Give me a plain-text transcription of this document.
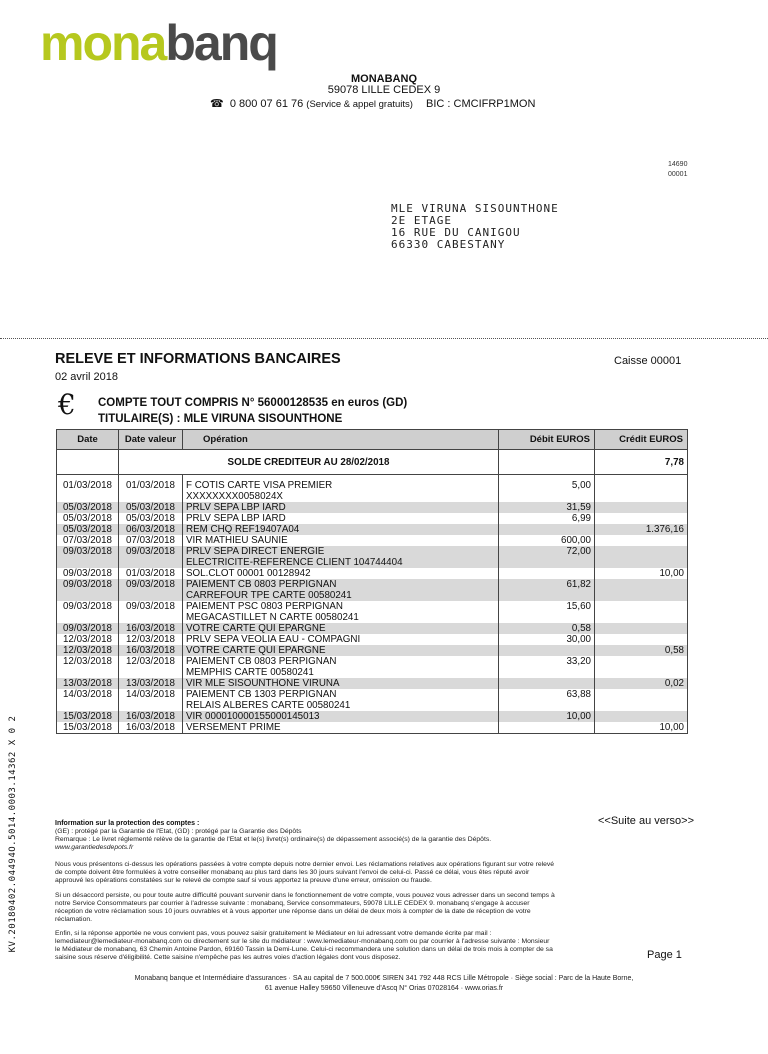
monabanq
MONABANQ
59078 LILLE CEDEX 9
☎ 0 800 07 61 76 (Service & appel gratuits) BIC : CMCIFRP1MON
14690
00001
MLE VIRUNA SISOUNTHONE
2E ETAGE
16 RUE DU CANIGOU
66330 CABESTANY
RELEVE ET INFORMATIONS BANCAIRES	Caisse 00001
02 avril 2018
€ COMPTE TOUT COMPRIS N° 56000128535 en euros (GD)
TITULAIRE(S) : MLE VIRUNA SISOUNTHONE
Date	Date valeur	Opération	Débit EUROS	Crédit EUROS
	SOLDE CREDITEUR AU 28/02/2018			7,78

01/03/2018	01/03/2018	F COTIS CARTE VISA PREMIER	5,00	
		XXXXXXXX0058024X		
05/03/2018	05/03/2018	PRLV SEPA LBP IARD	31,59	
05/03/2018	05/03/2018	PRLV SEPA LBP IARD	6,99	
05/03/2018	06/03/2018	REM CHQ REF19407A04		1.376,16
07/03/2018	07/03/2018	VIR MATHIEU SAUNIE	600,00	
09/03/2018	09/03/2018	PRLV SEPA DIRECT ENERGIE	72,00	
		ELECTRICITE-REFERENCE CLIENT 104744404		
09/03/2018	01/03/2018	SOL.CLOT 00001 00128942		10,00
09/03/2018	09/03/2018	PAIEMENT CB 0803 PERPIGNAN	61,82	
		CARREFOUR TPE CARTE 00580241		
09/03/2018	09/03/2018	PAIEMENT PSC 0803 PERPIGNAN	15,60	
		MEGACASTILLET N CARTE 00580241		
09/03/2018	16/03/2018	VOTRE CARTE QUI EPARGNE	0,58	
12/03/2018	12/03/2018	PRLV SEPA VEOLIA EAU - COMPAGNI	30,00	
12/03/2018	16/03/2018	VOTRE CARTE QUI EPARGNE		0,58
12/03/2018	12/03/2018	PAIEMENT CB 0803 PERPIGNAN	33,20	
		MEMPHIS CARTE 00580241		
13/03/2018	13/03/2018	VIR MLE SISOUNTHONE VIRUNA		0,02
14/03/2018	14/03/2018	PAIEMENT CB 1303 PERPIGNAN	63,88	
		RELAIS ALBERES CARTE 00580241		
15/03/2018	16/03/2018	VIR 000010000155000145013	10,00	
15/03/2018	16/03/2018	VERSEMENT PRIME		10,00
<<Suite au verso>>
Information sur la protection des comptes :
(GE) : protégé par la Garantie de l'Etat, (GD) : protégé par la Garantie des Dépôts
Remarque : Le livret réglementé relève de la garantie de l'Etat et le(s) livret(s) ordinaire(s) de dépassement associé(s) de la garantie des Dépôts.
www.garantiedesdepots.fr
Nous vous présentons ci-dessus les opérations passées à votre compte depuis notre dernier envoi. Les réclamations relatives aux opérations figurant sur votre relevé
de compte doivent être formulées à votre conseiller monabanq au plus tard dans les 30 jours suivant l'envoi de celui-ci. Passé ce délai, vous êtes réputé avoir
approuvé les opérations constatées sur le relevé de compte sauf si vous apportez la preuve d'une erreur, omission ou fraude.
Si un désaccord persiste, ou pour toute autre difficulté pouvant survenir dans le fonctionnement de votre compte, vous pouvez vous adresser dans un second temps à
notre Service Consommateurs par courrier à l'adresse suivante : monabanq, Service consommateurs, 59078 LILLE CEDEX 9. monabanq s'engage à accuser
réception de votre réclamation sous 10 jours ouvrables et à vous apporter une réponse dans un délai de deux mois à compter de la date de réception de votre
réclamation.
Enfin, si la réponse apportée ne vous convient pas, vous pouvez saisir gratuitement le Médiateur en lui adressant votre demande écrite par mail :
lemediateur@lemediateur-monabanq.com ou directement sur le site du médiateur : www.lemediateur-monabanq.com ou par courrier à l'adresse suivante : Monsieur
le Médiateur de monabanq, 63 Chemin Antoine Pardon, 69160 Tassin la Demi-Lune. Celui-ci recommandera une solution dans un délai de trois mois à compter de sa
saisine sous réserve d'éligibilité. Cette saisine n'empêche pas les autres voies d'action légales dont vous disposez.	Page 1
Monabanq banque et Intermédiaire d'assurances · SA au capital de 7 500.000€ SIREN 341 792 448 RCS Lille Métropole · Siège social : Parc de la Haute Borne,
61 avenue Halley 59650 Villeneuve d'Ascq N° Orias 07028164 · www.orias.fr
KV.20180402.04494O.5014.0003.14362 X 0 2
